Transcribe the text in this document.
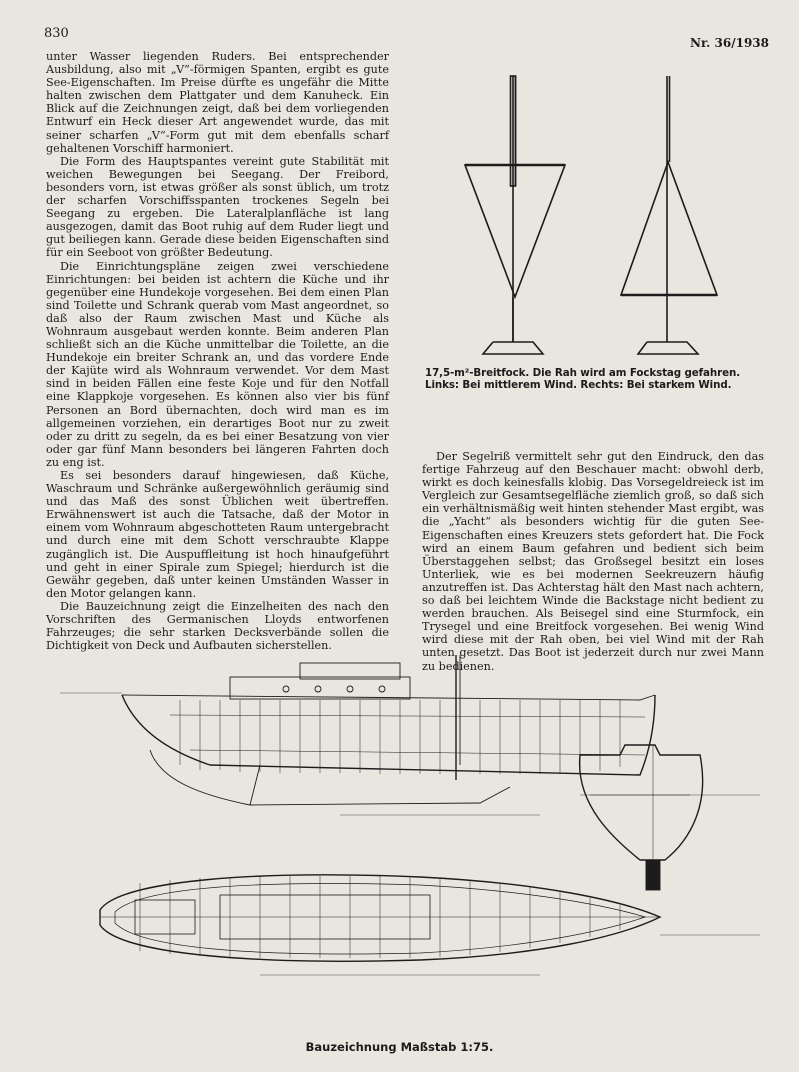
830
Nr. 36/1938

unter Wasser liegenden Ruders. Bei entsprechender Ausbildung, also mit „V“-förmigen Spanten, ergibt es gute See-Eigenschaften. Im Preise dürfte es ungefähr die Mitte halten zwischen dem Plattgater und dem Kanuheck. Ein Blick auf die Zeichnungen zeigt, daß bei dem vorliegenden Entwurf ein Heck dieser Art angewendet wurde, das mit seiner scharfen „V“-Form gut mit dem ebenfalls scharf gehaltenen Vorschiff harmoniert.

Die Form des Hauptspantes vereint gute Stabilität mit weichen Bewegungen bei Seegang. Der Freibord, besonders vorn, ist etwas größer als sonst üblich, um trotz der scharfen Vorschiffsspanten trockenes Segeln bei Seegang zu ergeben. Die Lateralplanfläche ist lang ausgezogen, damit das Boot ruhig auf dem Ruder liegt und gut beiliegen kann. Gerade diese beiden Eigenschaften sind für ein Seeboot von größter Bedeutung.

Die Einrichtungspläne zeigen zwei verschiedene Einrichtungen: bei beiden ist achtern die Küche und ihr gegenüber eine Hundekoje vorgesehen. Bei dem einen Plan sind Toilette und Schrank querab vom Mast angeordnet, so daß also der Raum zwischen Mast und Küche als Wohnraum ausgebaut werden konnte. Beim anderen Plan schließt sich an die Küche unmittelbar die Toilette, an die Hundekoje ein breiter Schrank an, und das vordere Ende der Kajüte wird als Wohnraum verwendet. Vor dem Mast sind in beiden Fällen eine feste Koje und für den Notfall eine Klappkoje vorgesehen. Es können also vier bis fünf Personen an Bord übernachten, doch wird man es im allgemeinen vorziehen, ein derartiges Boot nur zu zweit oder zu dritt zu segeln, da es bei einer Besatzung von vier oder gar fünf Mann besonders bei längeren Fahrten doch zu eng ist.

Es sei besonders darauf hingewiesen, daß Küche, Waschraum und Schränke außergewöhnlich geräumig sind und das Maß des sonst Üblichen weit übertreffen. Erwähnenswert ist auch die Tatsache, daß der Motor in einem vom Wohnraum abgeschotteten Raum untergebracht und durch eine mit dem Schott verschraubte Klappe zugänglich ist. Die Auspuffleitung ist hoch hinaufgeführt und geht in einer Spirale zum Spiegel; hierdurch ist die Gewähr gegeben, daß unter keinen Umständen Wasser in den Motor gelangen kann.

Die Bauzeichnung zeigt die Einzelheiten des nach den Vorschriften des Germanischen Lloyds entworfenen Fahrzeuges; die sehr starken Decksverbände sollen die Dichtigkeit von Deck und Aufbauten sicherstellen.

17,5-m²-Breitfock. Die Rah wird am Fockstag gefahren.
Links: Bei mittlerem Wind. Rechts: Bei starkem Wind.

Der Segelriß vermittelt sehr gut den Eindruck, den das fertige Fahrzeug auf den Beschauer macht: obwohl derb, wirkt es doch keinesfalls klobig. Das Vorsegeldreieck ist im Vergleich zur Gesamtsegelfläche ziemlich groß, so daß sich ein verhältnismäßig weit hinten stehender Mast ergibt, was die „Yacht“ als besonders wichtig für die guten See-Eigenschaften eines Kreuzers stets gefordert hat. Die Fock wird an einem Baum gefahren und bedient sich beim Überstaggehen selbst; das Großsegel besitzt ein loses Unterliek, wie es bei modernen Seekreuzern häufig anzutreffen ist. Das Achterstag hält den Mast nach achtern, so daß bei leichtem Winde die Backstage nicht bedient zu werden brauchen. Als Beisegel sind eine Sturmfock, ein Trysegel und eine Breitfock vorgesehen. Bei wenig Wind wird diese mit der Rah oben, bei viel Wind mit der Rah unten gesetzt. Das Boot ist jederzeit durch nur zwei Mann zu bedienen.

Bauzeichnung Maßstab 1:75.
